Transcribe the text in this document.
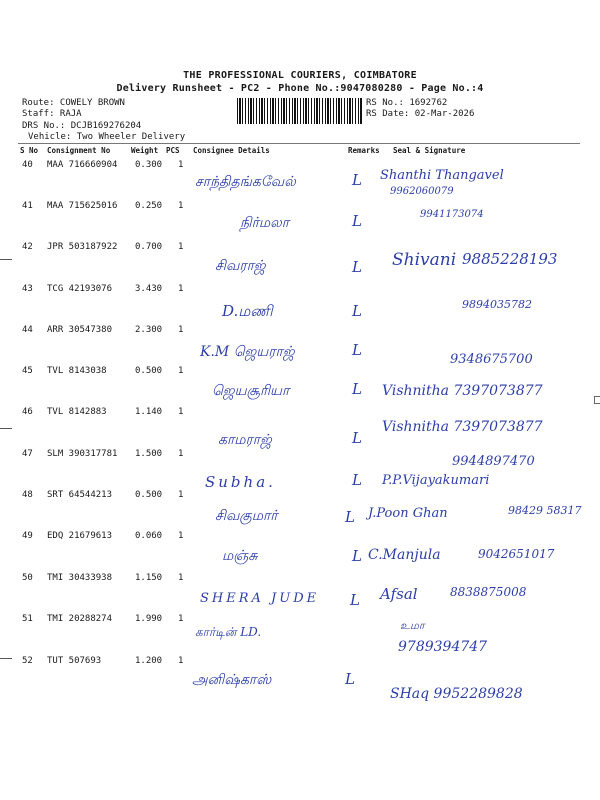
THE PROFESSIONAL COURIERS, COIMBATORE
Delivery Runsheet - PC2 - Phone No.:9047080280 - Page No.:4
Route: COWELY BROWN
Staff: RAJA
DRS No.: DCJB169276204
Vehicle: Two Wheeler Delivery
RS No.: 1692762
RS Date: 02-Mar-2026
S No Consignment No	Weight PCS Consignee Details	Remarks Seal & Signature
40 MAA 716660904 0.300 1
சாந்திதங்கவேல்	L Shanthi Thangavel
9962060079
41 MAA 715625016 0.250 1
நிர்மலா	L	9941173074
42 JPR 503187922 0.700 1
சிவராஜ்	L Shivani 9885228193
43 TCG 42193076	3.430 1
D.மணி	L	9894035782
44 ARR 30547380	2.300 1
K.M ஜெயராஜ்	L
9348675700
45 TVL 8143038	0.500 1
ஜெயசூரியா	L Vishnitha 7397073877
46 TVL 8142883	1.140 1
காமராஜ்	L
Vishnitha 7397073877
47 SLM 390317781 1.500 1
Subha.	L P.P.Vijayakumari
9944897470
48 SRT 64544213	0.500 1
சிவகுமார்	L J.Poon Ghan	98429 58317
49 EDQ 21679613	0.060 1
மஞ்சு	L C.Manjula	9042651017
50 TMI 30433938	1.150 1
SHERA JUDE L Afsal	8838875008
51 TMI 20288274	1.990 1
கார்டின் LD.	உமா
9789394747
52 TUT 507693	1.200 1
அனிஷ்காஸ்	L
SHaq 9952289828
